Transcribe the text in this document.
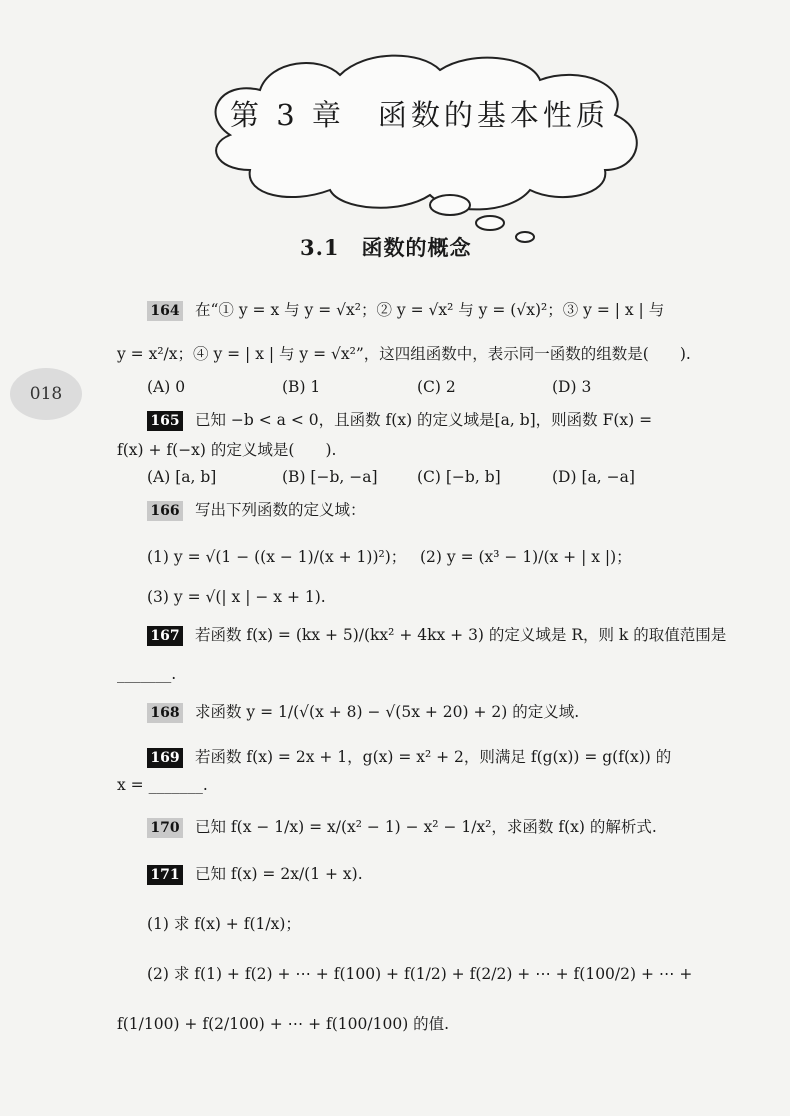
第 3 章　函数的基本性质
3.1　函数的概念
018
164 在“① y = x 与 y = √x²；② y = √x² 与 y = (√x)²；③ y = | x | 与
y = x²/x；④ y = | x | 与 y = √x²”，这四组函数中，表示同一函数的组数是(　　).
(A) 0	(B) 1	(C) 2	(D) 3
165 已知 −b < a < 0，且函数 f(x) 的定义域是[a, b]，则函数 F(x) =
f(x) + f(−x) 的定义域是(　　).
(A) [a, b]	(B) [−b, −a]	(C) [−b, b]	(D) [a, −a]
166 写出下列函数的定义域：
(1) y = √(1 − ((x − 1)/(x + 1))²)； (2) y = (x³ − 1)/(x + | x |)；
(3) y = √(| x | − x + 1).
167 若函数 f(x) = (kx + 5)/(kx² + 4kx + 3) 的定义域是 R，则 k 的取值范围是
_______.
168 求函数 y = 1/(√(x + 8) − √(5x + 20) + 2) 的定义域.
169 若函数 f(x) = 2x + 1，g(x) = x² + 2，则满足 f(g(x)) = g(f(x)) 的
x = _______.
170 已知 f(x − 1/x) = x/(x² − 1) − x² − 1/x²，求函数 f(x) 的解析式.
171 已知 f(x) = 2x/(1 + x).
(1) 求 f(x) + f(1/x)；
(2) 求 f(1) + f(2) + ⋯ + f(100) + f(1/2) + f(2/2) + ⋯ + f(100/2) + ⋯ +
f(1/100) + f(2/100) + ⋯ + f(100/100) 的值.
